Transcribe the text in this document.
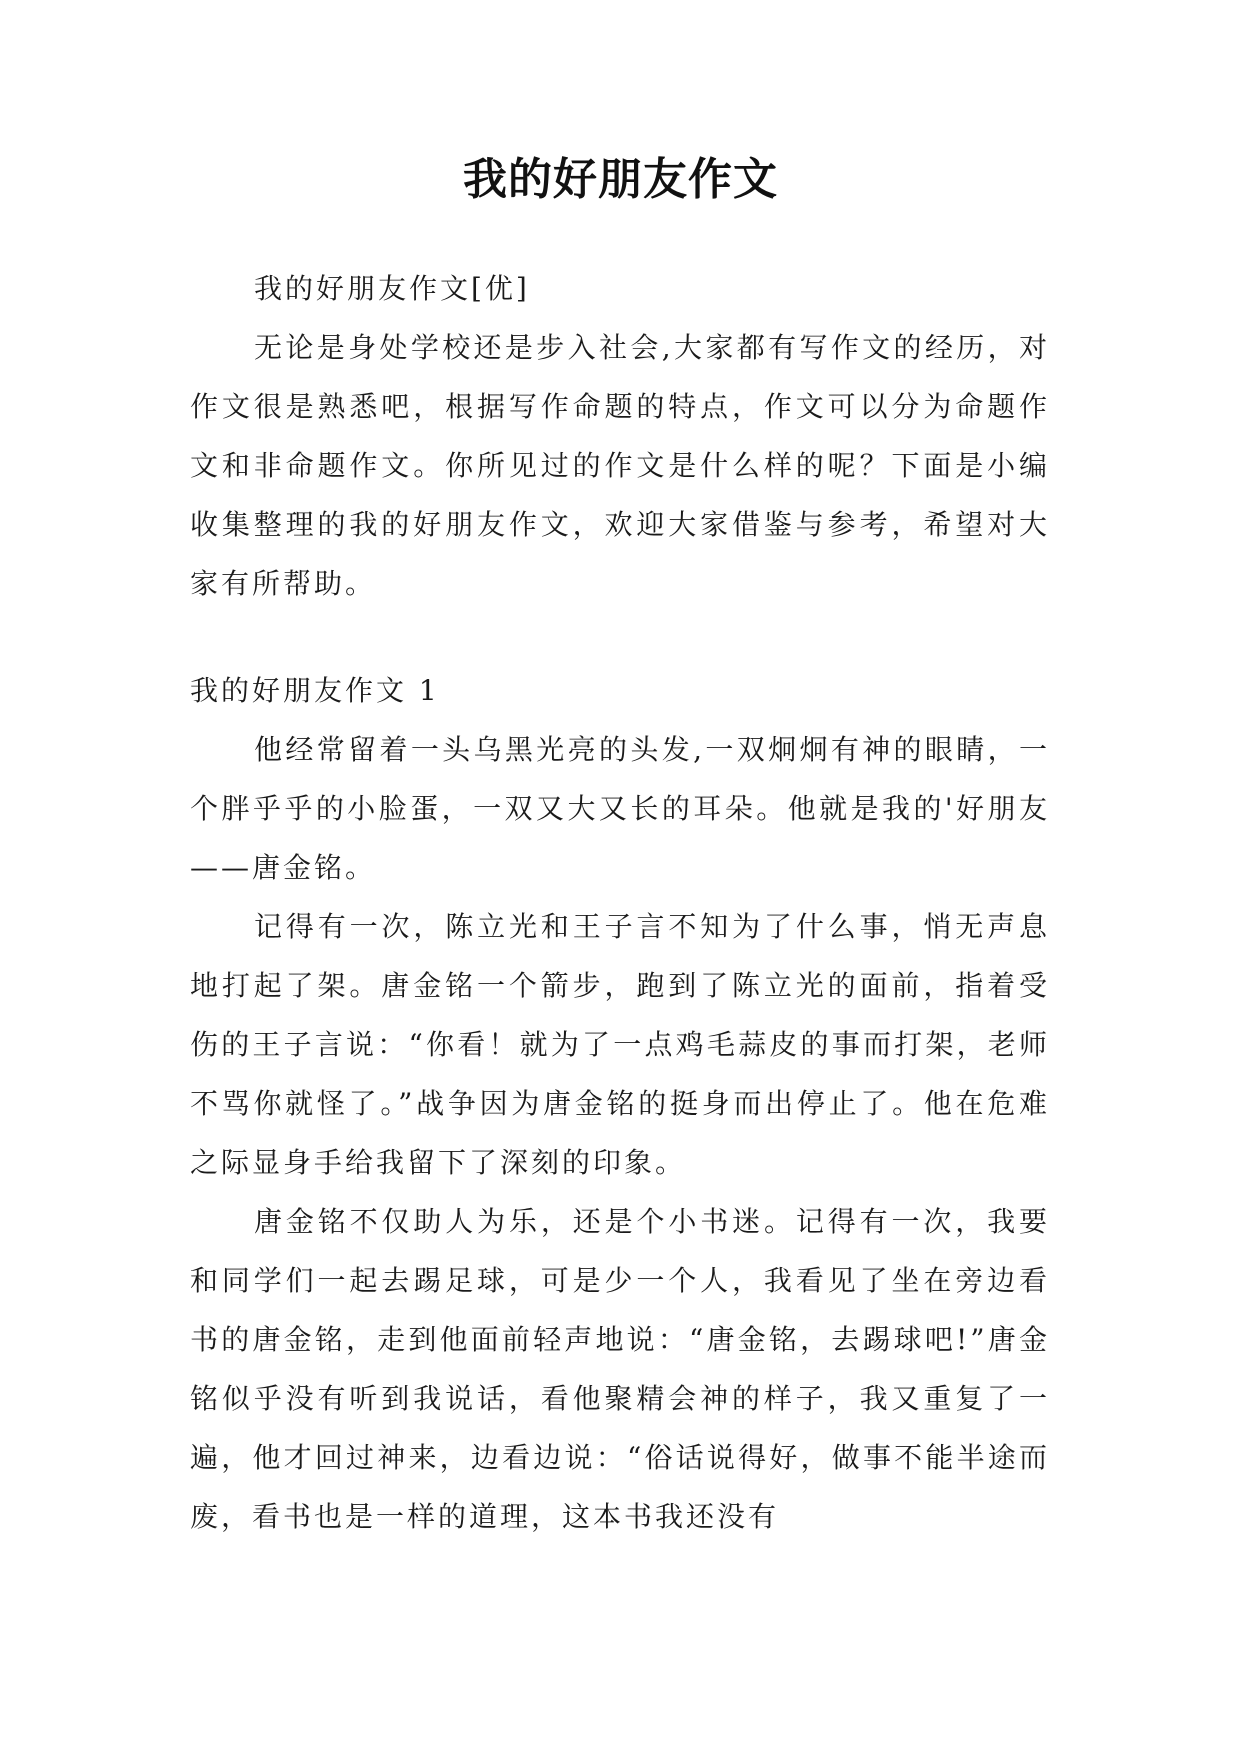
我的好朋友作文

我的好朋友作文[优]

无论是身处学校还是步入社会,大家都有写作文的经历，对作文很是熟悉吧，根据写作命题的特点，作文可以分为命题作文和非命题作文。你所见过的作文是什么样的呢？下面是小编收集整理的我的好朋友作文，欢迎大家借鉴与参考，希望对大家有所帮助。

我的好朋友作文 1

他经常留着一头乌黑光亮的头发,一双炯炯有神的眼睛，一个胖乎乎的小脸蛋，一双又大又长的耳朵。他就是我的'好朋友——唐金铭。

记得有一次，陈立光和王子言不知为了什么事，悄无声息地打起了架。唐金铭一个箭步，跑到了陈立光的面前，指着受伤的王子言说：“你看！就为了一点鸡毛蒜皮的事而打架，老师不骂你就怪了。”战争因为唐金铭的挺身而出停止了。他在危难之际显身手给我留下了深刻的印象。

唐金铭不仅助人为乐，还是个小书迷。记得有一次，我要和同学们一起去踢足球，可是少一个人，我看见了坐在旁边看书的唐金铭，走到他面前轻声地说：“唐金铭，去踢球吧!”唐金铭似乎没有听到我说话，看他聚精会神的样子，我又重复了一遍，他才回过神来，边看边说：“俗话说得好，做事不能半途而废，看书也是一样的道理，这本书我还没有
